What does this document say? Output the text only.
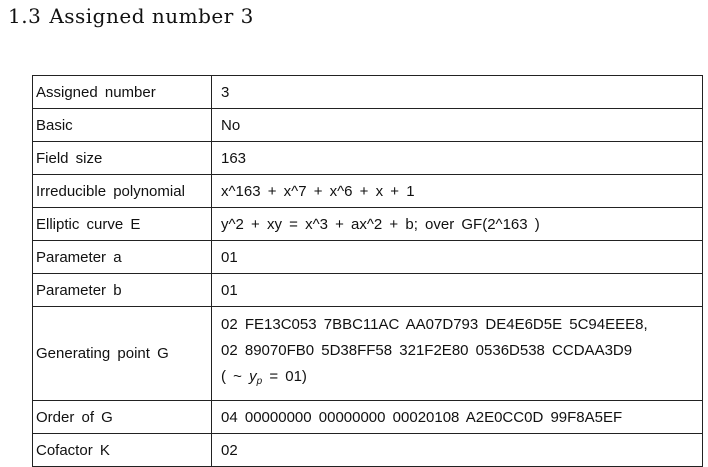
1.3 Assigned number 3
Assigned number	3
Basic	No
Field size	163
Irreducible polynomial	x^163 + x^7 + x^6 + x + 1
Elliptic curve E	y^2 + xy = x^3 + ax^2 + b; over GF(2^163 )
Parameter a	01
Parameter b	01
Generating point G	02 FE13C053 7BBC11AC AA07D793 DE4E6D5E 5C94EEE8,
02 89070FB0 5D38FF58 321F2E80 0536D538 CCDAA3D9
( ~ $y_p = 01$)

Order of G	04 00000000 00000000 00020108 A2E0CC0D 99F8A5EF
Cofactor K	02
